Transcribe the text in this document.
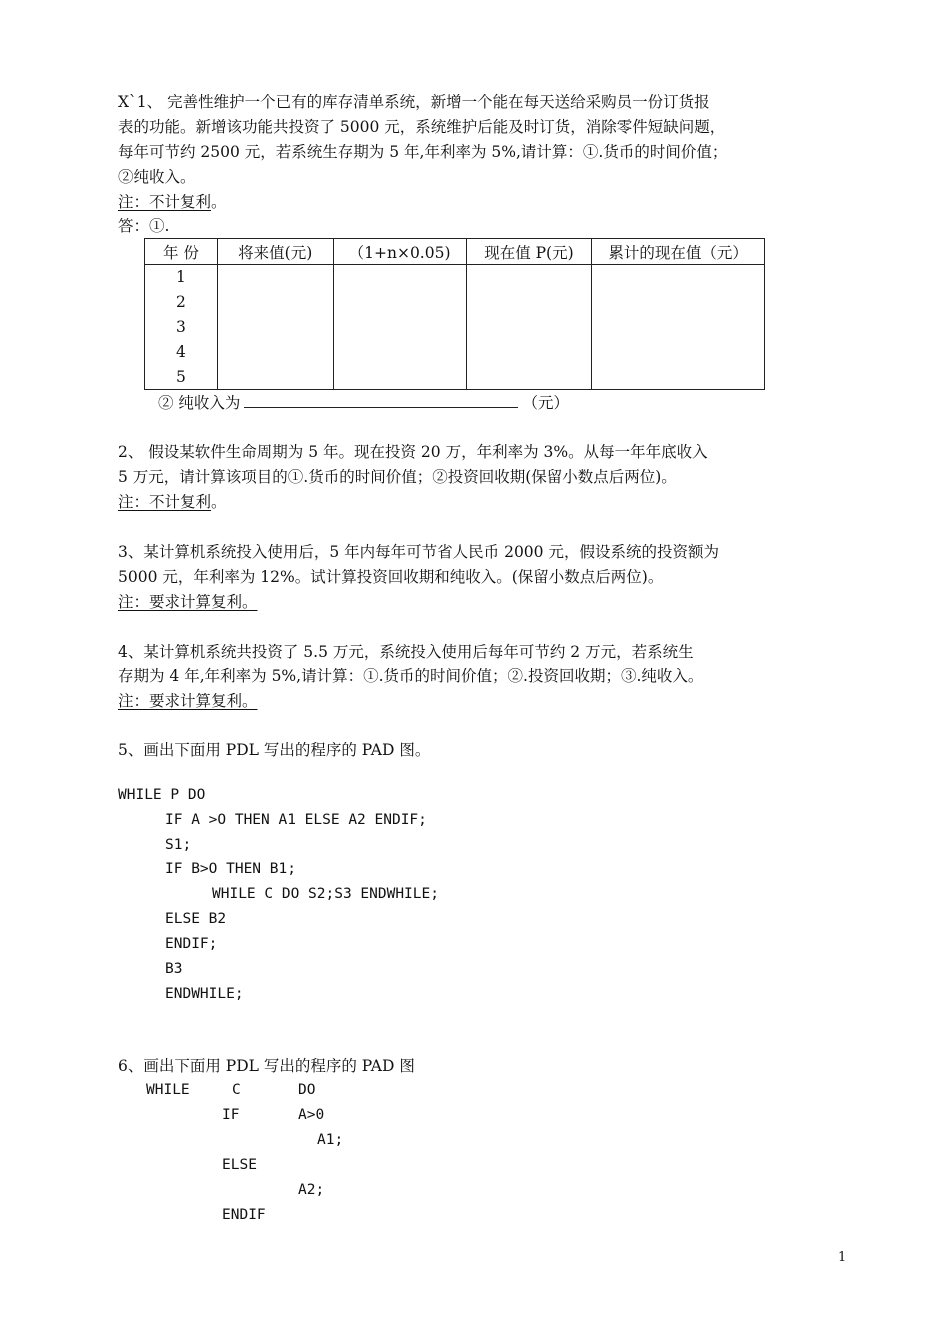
X`1、 完善性维护一个已有的库存清单系统，新增一个能在每天送给采购员一份订货报
表的功能。新增该功能共投资了 5000 元，系统维护后能及时订货，消除零件短缺问题，
每年可节约 2500 元，若系统生存期为 5 年,年利率为 5%,请计算：①.货币的时间价值；
②纯收入。
注：不计复利。
答：①.
年 份	将来值(元)	（1+n×0.05)	现在值 P(元)	累计的现在值（元）
1				
2				
3				
4				
5				
② 纯收入为	（元）
2、 假设某软件生命周期为 5 年。现在投资 20 万，年利率为 3%。从每一年年底收入
5 万元，请计算该项目的①.货币的时间价值；②投资回收期(保留小数点后两位)。
注：不计复利。
3、某计算机系统投入使用后，5 年内每年可节省人民币 2000 元，假设系统的投资额为
5000 元，年利率为 12%。试计算投资回收期和纯收入。(保留小数点后两位)。
注：要求计算复利。
4、某计算机系统共投资了 5.5 万元，系统投入使用后每年可节约 2 万元，若系统生
存期为 4 年,年利率为 5%,请计算：①.货币的时间价值；②.投资回收期；③.纯收入。
注：要求计算复利。
5、画出下面用 PDL 写出的程序的 PAD 图。
WHILE P DO
IF A >O THEN A1 ELSE A2 ENDIF;
S1;
IF B>O THEN B1;
WHILE C DO S2;S3 ENDWHILE;
ELSE B2
ENDIF;
B3
ENDWHILE;
6、画出下面用 PDL 写出的程序的 PAD 图
WHILE	C	DO
IF	A>0
A1;
ELSE
A2;
ENDIF
1
